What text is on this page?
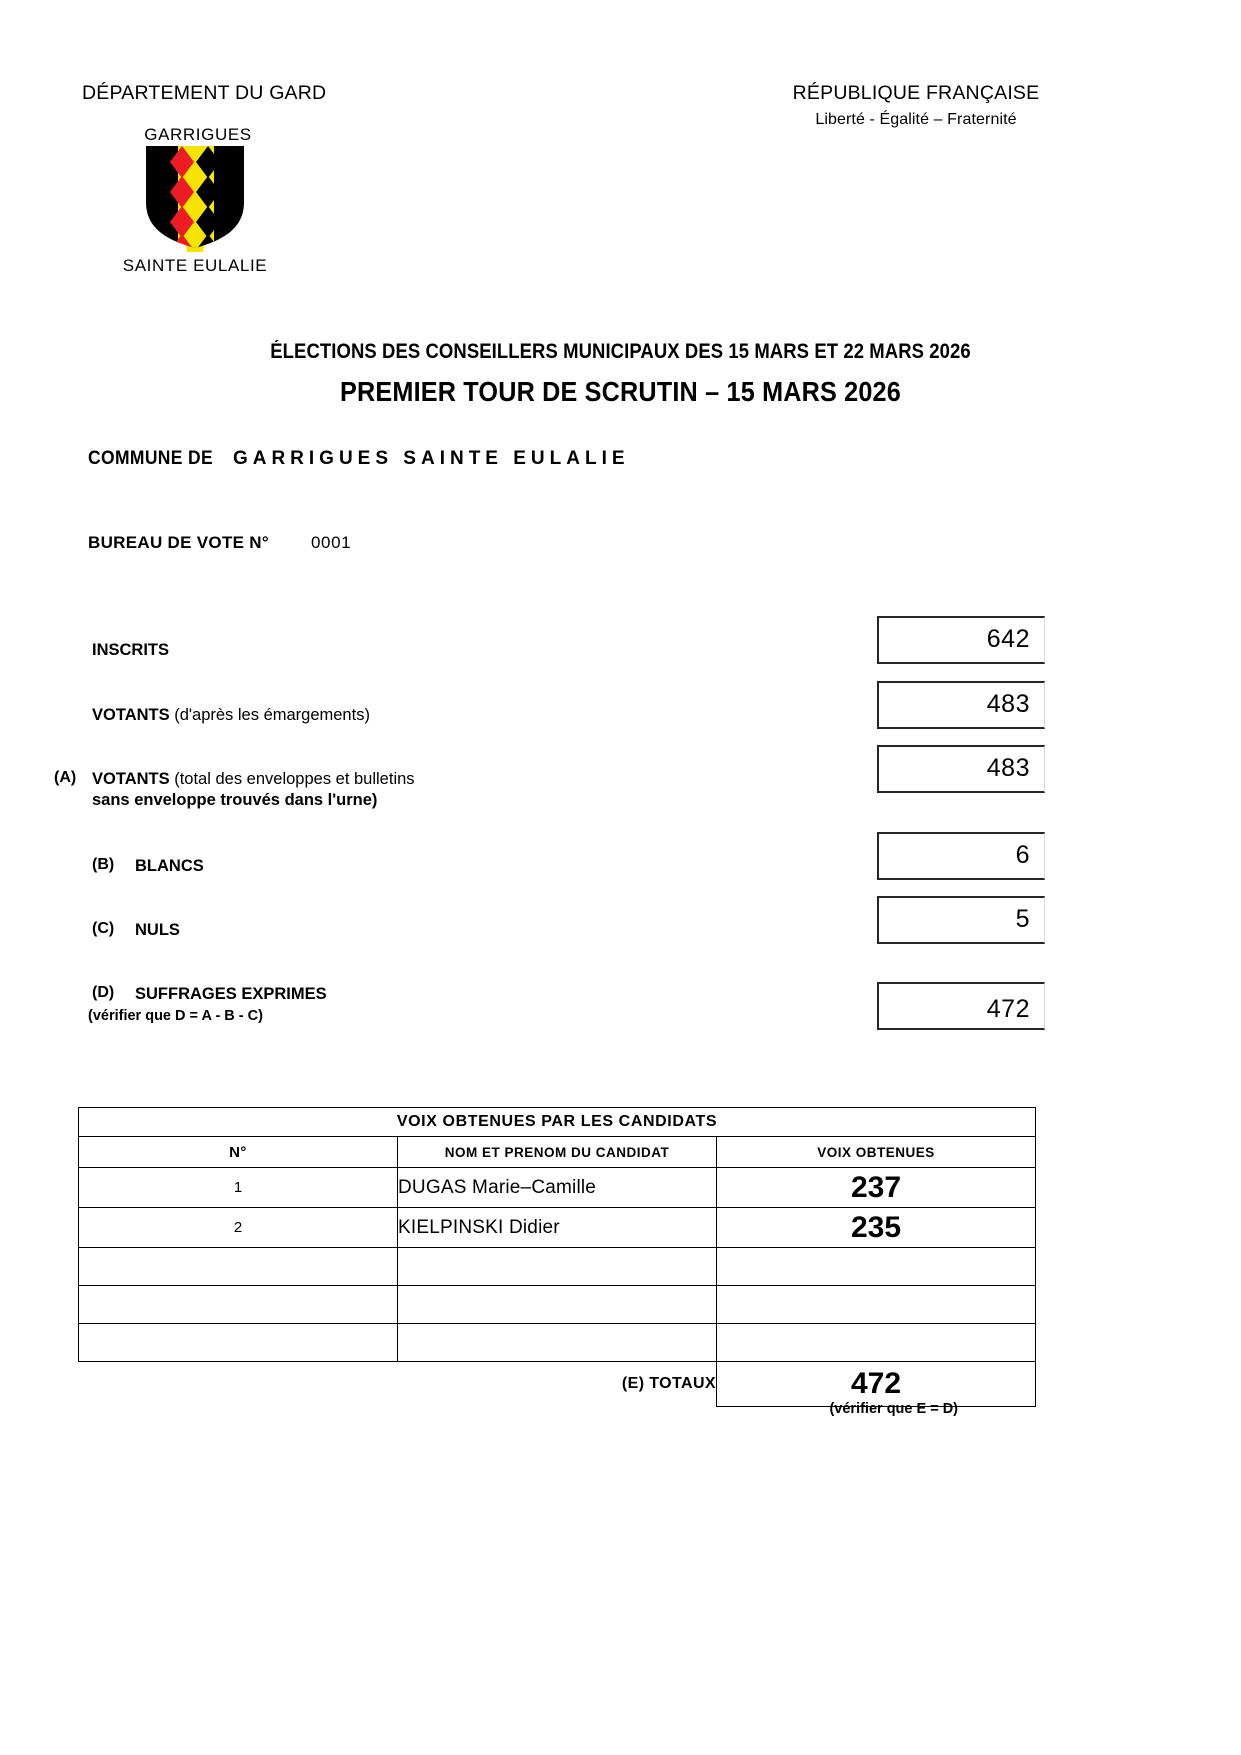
DÉPARTEMENT DU GARD	RÉPUBLIQUE FRANÇAISE
Liberté - Égalité – Fraternité
GARRIGUES
SAINTE EULALIE
ÉLECTIONS DES CONSEILLERS MUNICIPAUX DES 15 MARS ET 22 MARS 2026
PREMIER TOUR DE SCRUTIN – 15 MARS 2026
COMMUNE DE GARRIGUES SAINTE EULALIE
BUREAU DE VOTE N° 0001
INSCRITS	642
VOTANTS (d'après les émargements)	483
(A) VOTANTS (total des enveloppes et bulletins
sans enveloppe trouvés dans l'urne)
483
(B) BLANCS	6
(C) NULS	5
(D) SUFFRAGES EXPRIMES
(vérifier que D = A - B - C)	472
VOIX OBTENUES PAR LES CANDIDATS		
N°	NOM ET PRENOM DU CANDIDAT	VOIX OBTENUES
1	DUGAS Marie–Camille	237
2	KIELPINSKI Didier	235

(E) TOTAUX		472
(vérifier que E = D)
